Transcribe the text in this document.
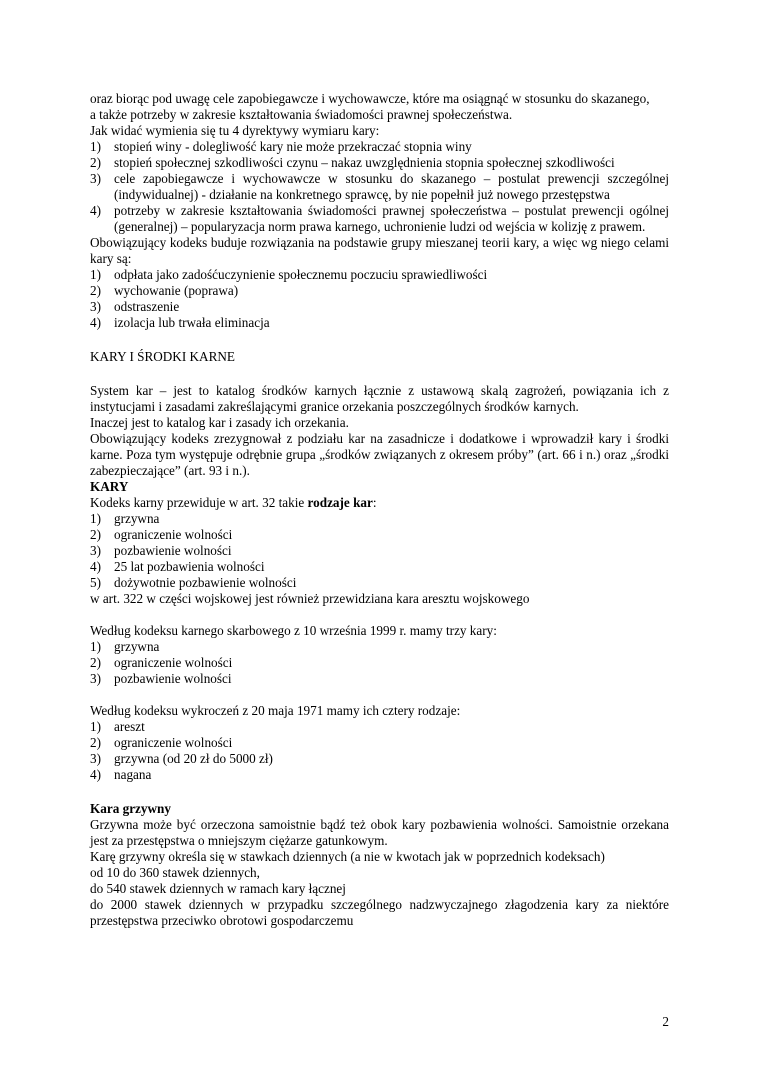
oraz biorąc pod uwagę cele zapobiegawcze i wychowawcze, które ma osiągnąć w stosunku do skazanego,

a także potrzeby w zakresie kształtowania świadomości prawnej społeczeństwa.

Jak widać wymienia się tu 4 dyrektywy wymiaru kary:

1) stopień winy - dolegliwość kary nie może przekraczać stopnia winy
2) stopień społecznej szkodliwości czynu – nakaz uwzględnienia stopnia społecznej szkodliwości
3) cele zapobiegawcze i wychowawcze w stosunku do skazanego – postulat prewencji szczególnej (indywidualnej) - działanie na konkretnego sprawcę, by nie popełnił już nowego przestępstwa
4) potrzeby w zakresie kształtowania świadomości prawnej społeczeństwa – postulat prewencji ogólnej (generalnej) – popularyzacja norm prawa karnego, uchronienie ludzi od wejścia w kolizję z prawem.

Obowiązujący kodeks buduje rozwiązania na podstawie grupy mieszanej teorii kary, a więc wg niego celami kary są:

1) odpłata jako zadośćuczynienie społecznemu poczuciu sprawiedliwości
2) wychowanie (poprawa)
3) odstraszenie
4) izolacja lub trwała eliminacja
KARY I ŚRODKI KARNE

System kar – jest to katalog środków karnych łącznie z ustawową skalą zagrożeń, powiązania ich z instytucjami i zasadami zakreślającymi granice orzekania poszczególnych środków karnych.

Inaczej jest to katalog kar i zasady ich orzekania.

Obowiązujący kodeks zrezygnował z podziału kar na zasadnicze i dodatkowe i wprowadził kary i środki karne. Poza tym występuje odrębnie grupa „środków związanych z okresem próby” (art. 66 i n.) oraz „środki zabezpieczające” (art. 93 i n.).

KARY

Kodeks karny przewiduje w art. 32 takie rodzaje kar:

1) grzywna
2) ograniczenie wolności
3) pozbawienie wolności
4) 25 lat pozbawienia wolności
5) dożywotnie pozbawienie wolności

w art. 322 w części wojskowej jest również przewidziana kara aresztu wojskowego

Według kodeksu karnego skarbowego z 10 września 1999 r. mamy trzy kary:

1) grzywna
2) ograniczenie wolności
3) pozbawienie wolności

Według kodeksu wykroczeń z 20 maja 1971 mamy ich cztery rodzaje:

1) areszt
2) ograniczenie wolności
3) grzywna (od 20 zł do 5000 zł)
4) nagana

Kara grzywny

Grzywna może być orzeczona samoistnie bądź też obok kary pozbawienia wolności. Samoistnie orzekana jest za przestępstwa o mniejszym ciężarze gatunkowym.

Karę grzywny określa się w stawkach dziennych (a nie w kwotach jak w poprzednich kodeksach)

od 10 do 360 stawek dziennych,

do 540 stawek dziennych w ramach kary łącznej

do 2000 stawek dziennych w przypadku szczególnego nadzwyczajnego złagodzenia kary za niektóre przestępstwa przeciwko obrotowi gospodarczemu

2
